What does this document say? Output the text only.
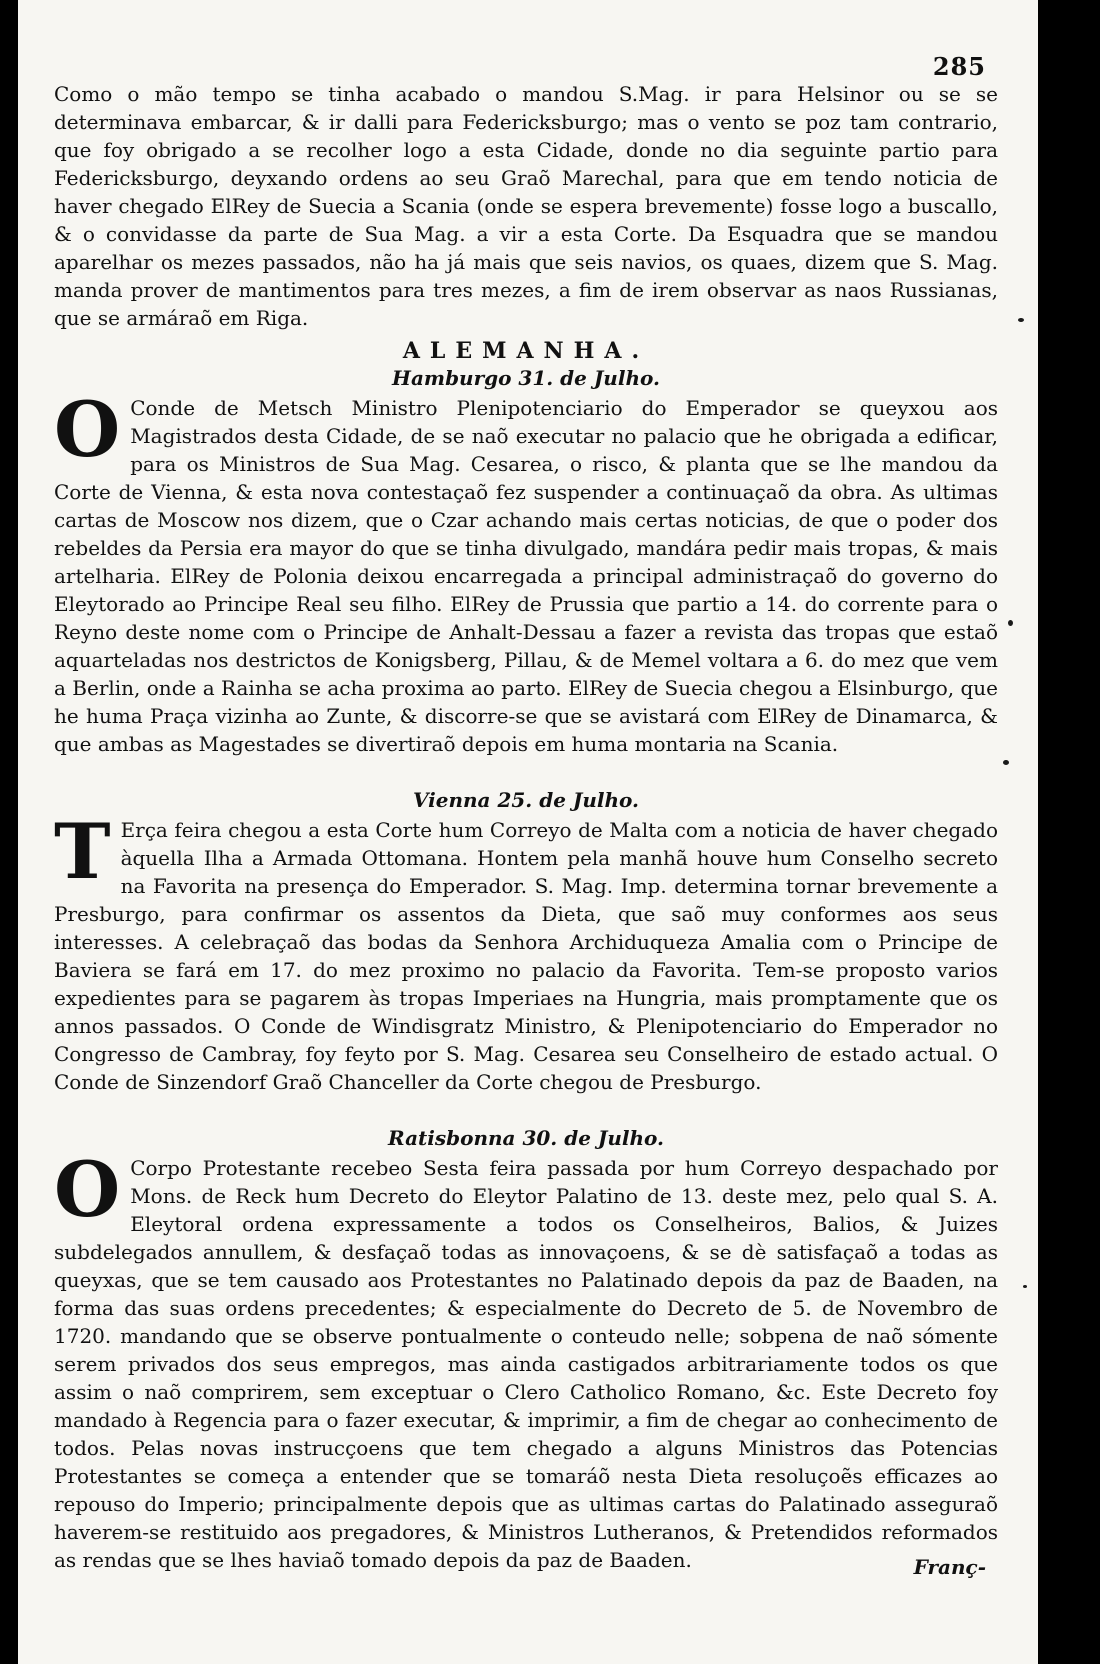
285

Como o mão tempo se tinha acabado o mandou S.Mag. ir para Helsinor ou se se determinava embarcar, & ir dalli para Federicksburgo; mas o vento se poz tam contrario, que foy obrigado a se recolher logo a esta Cidade, donde no dia seguinte partio para Federicksburgo, deyxando ordens ao seu Graõ Marechal, para que em tendo noticia de haver chegado ElRey de Suecia a Scania (onde se espera brevemente) fosse logo a buscallo, & o convidasse da parte de Sua Mag. a vir a esta Corte. Da Esquadra que se mandou aparelhar os mezes passados, não ha já mais que seis navios, os quaes, dizem que S. Mag. manda prover de mantimentos para tres mezes, a fim de irem observar as naos Russianas, que se armáraõ em Riga.

ALEMANHA.
Hamburgo 31. de Julho.
O Conde de Metsch Ministro Plenipotenciario do Emperador se queyxou aos Magistrados desta Cidade, de se naõ executar no palacio que he obrigada a edificar, para os Ministros de Sua Mag. Cesarea, o risco, & planta que se lhe mandou da Corte de Vienna, & esta nova contestaçaõ fez suspender a continuaçaõ da obra. As ultimas cartas de Moscow nos dizem, que o Czar achando mais certas noticias, de que o poder dos rebeldes da Persia era mayor do que se tinha divulgado, mandára pedir mais tropas, & mais artelharia. ElRey de Polonia deixou encarregada a principal administraçaõ do governo do Eleytorado ao Principe Real seu filho. ElRey de Prussia que partio a 14. do corrente para o Reyno deste nome com o Principe de Anhalt-Dessau a fazer a revista das tropas que estaõ aquarteladas nos destrictos de Konigsberg, Pillau, & de Memel voltara a 6. do mez que vem a Berlin, onde a Rainha se acha proxima ao parto. ElRey de Suecia chegou a Elsinburgo, que he huma Praça vizinha ao Zunte, & discorre-se que se avistará com ElRey de Dinamarca, & que ambas as Magestades se divertiraõ depois em huma montaria na Scania.

Vienna 25. de Julho.
T Erça feira chegou a esta Corte hum Correyo de Malta com a noticia de haver chegado àquella Ilha a Armada Ottomana. Hontem pela manhã houve hum Conselho secreto na Favorita na presença do Emperador. S. Mag. Imp. determina tornar brevemente a Presburgo, para confirmar os assentos da Dieta, que saõ muy conformes aos seus interesses. A celebraçaõ das bodas da Senhora Archiduqueza Amalia com o Principe de Baviera se fará em 17. do mez proximo no palacio da Favorita. Tem-se proposto varios expedientes para se pagarem às tropas Imperiaes na Hungria, mais promptamente que os annos passados. O Conde de Windisgratz Ministro, & Plenipotenciario do Emperador no Congresso de Cambray, foy feyto por S. Mag. Cesarea seu Conselheiro de estado actual. O Conde de Sinzendorf Graõ Chanceller da Corte chegou de Presburgo.

Ratisbonna 30. de Julho.
O Corpo Protestante recebeo Sesta feira passada por hum Correyo despachado por Mons. de Reck hum Decreto do Eleytor Palatino de 13. deste mez, pelo qual S. A. Eleytoral ordena expressamente a todos os Conselheiros, Balios, & Juizes subdelegados annullem, & desfaçaõ todas as innovaçoens, & se dè satisfaçaõ a todas as queyxas, que se tem causado aos Protestantes no Palatinado depois da paz de Baaden, na forma das suas ordens precedentes; & especialmente do Decreto de 5. de Novembro de 1720. mandando que se observe pontualmente o conteudo nelle; sobpena de naõ sómente serem privados dos seus empregos, mas ainda castigados arbitrariamente todos os que assim o naõ comprirem, sem exceptuar o Clero Catholico Romano, &c. Este Decreto foy mandado à Regencia para o fazer executar, & imprimir, a fim de chegar ao conhecimento de todos. Pelas novas instrucçoens que tem chegado a alguns Ministros das Potencias Protestantes se começa a entender que se tomaráõ nesta Dieta resoluçoẽs efficazes ao repouso do Imperio; principalmente depois que as ultimas cartas do Palatinado asseguraõ haverem-se restituido aos pregadores, & Ministros Lutheranos, & Pretendidos reformados as rendas que se lhes haviaõ tomado depois da paz de Baaden.	Franç-
